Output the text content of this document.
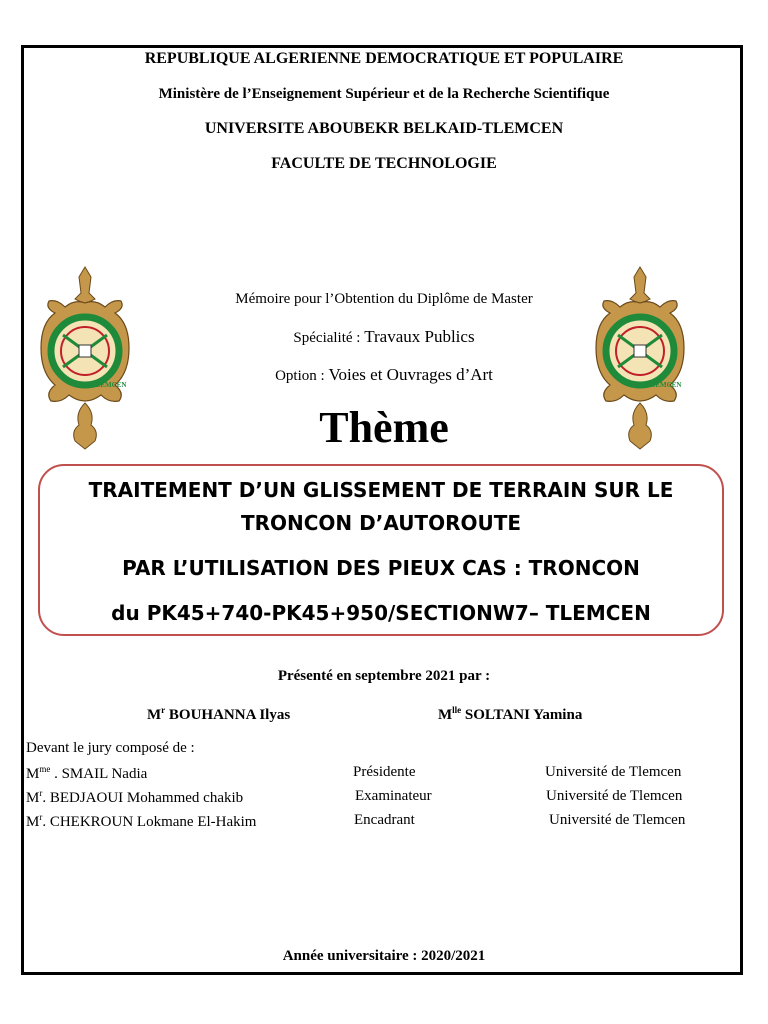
REPUBLIQUE ALGERIENNE DEMOCRATIQUE ET POPULAIRE
Ministère de l’Enseignement Supérieur et de la Recherche Scientifique
UNIVERSITE ABOUBEKR BELKAID-TLEMCEN
FACULTE DE TECHNOLOGIE
TLEMCEN	TLEMCEN
Mémoire pour l’Obtention du Diplôme de Master
Spécialité : Travaux Publics
Option : Voies et Ouvrages d’Art
Thème
TRAITEMENT D’UN GLISSEMENT DE TERRAIN SUR LE
TRONCON D’AUTOROUTE
PAR L’UTILISATION DES PIEUX CAS : TRONCON
du PK45+740-PK45+950/SECTIONW7– TLEMCEN
Présenté en septembre 2021 par :
$M^r$ BOUHANNA Ilyas	$M^{lle}$ SOLTANI Yamina
Devant le jury composé de :
$M^{me}$ . SMAIL Nadia	Présidente	Université de Tlemcen
$M^r$. BEDJAOUI Mohammed chakib	Examinateur	Université de Tlemcen
$M^r$. CHEKROUN Lokmane El-Hakim	Encadrant	Université de Tlemcen
Année universitaire : 2020/2021
